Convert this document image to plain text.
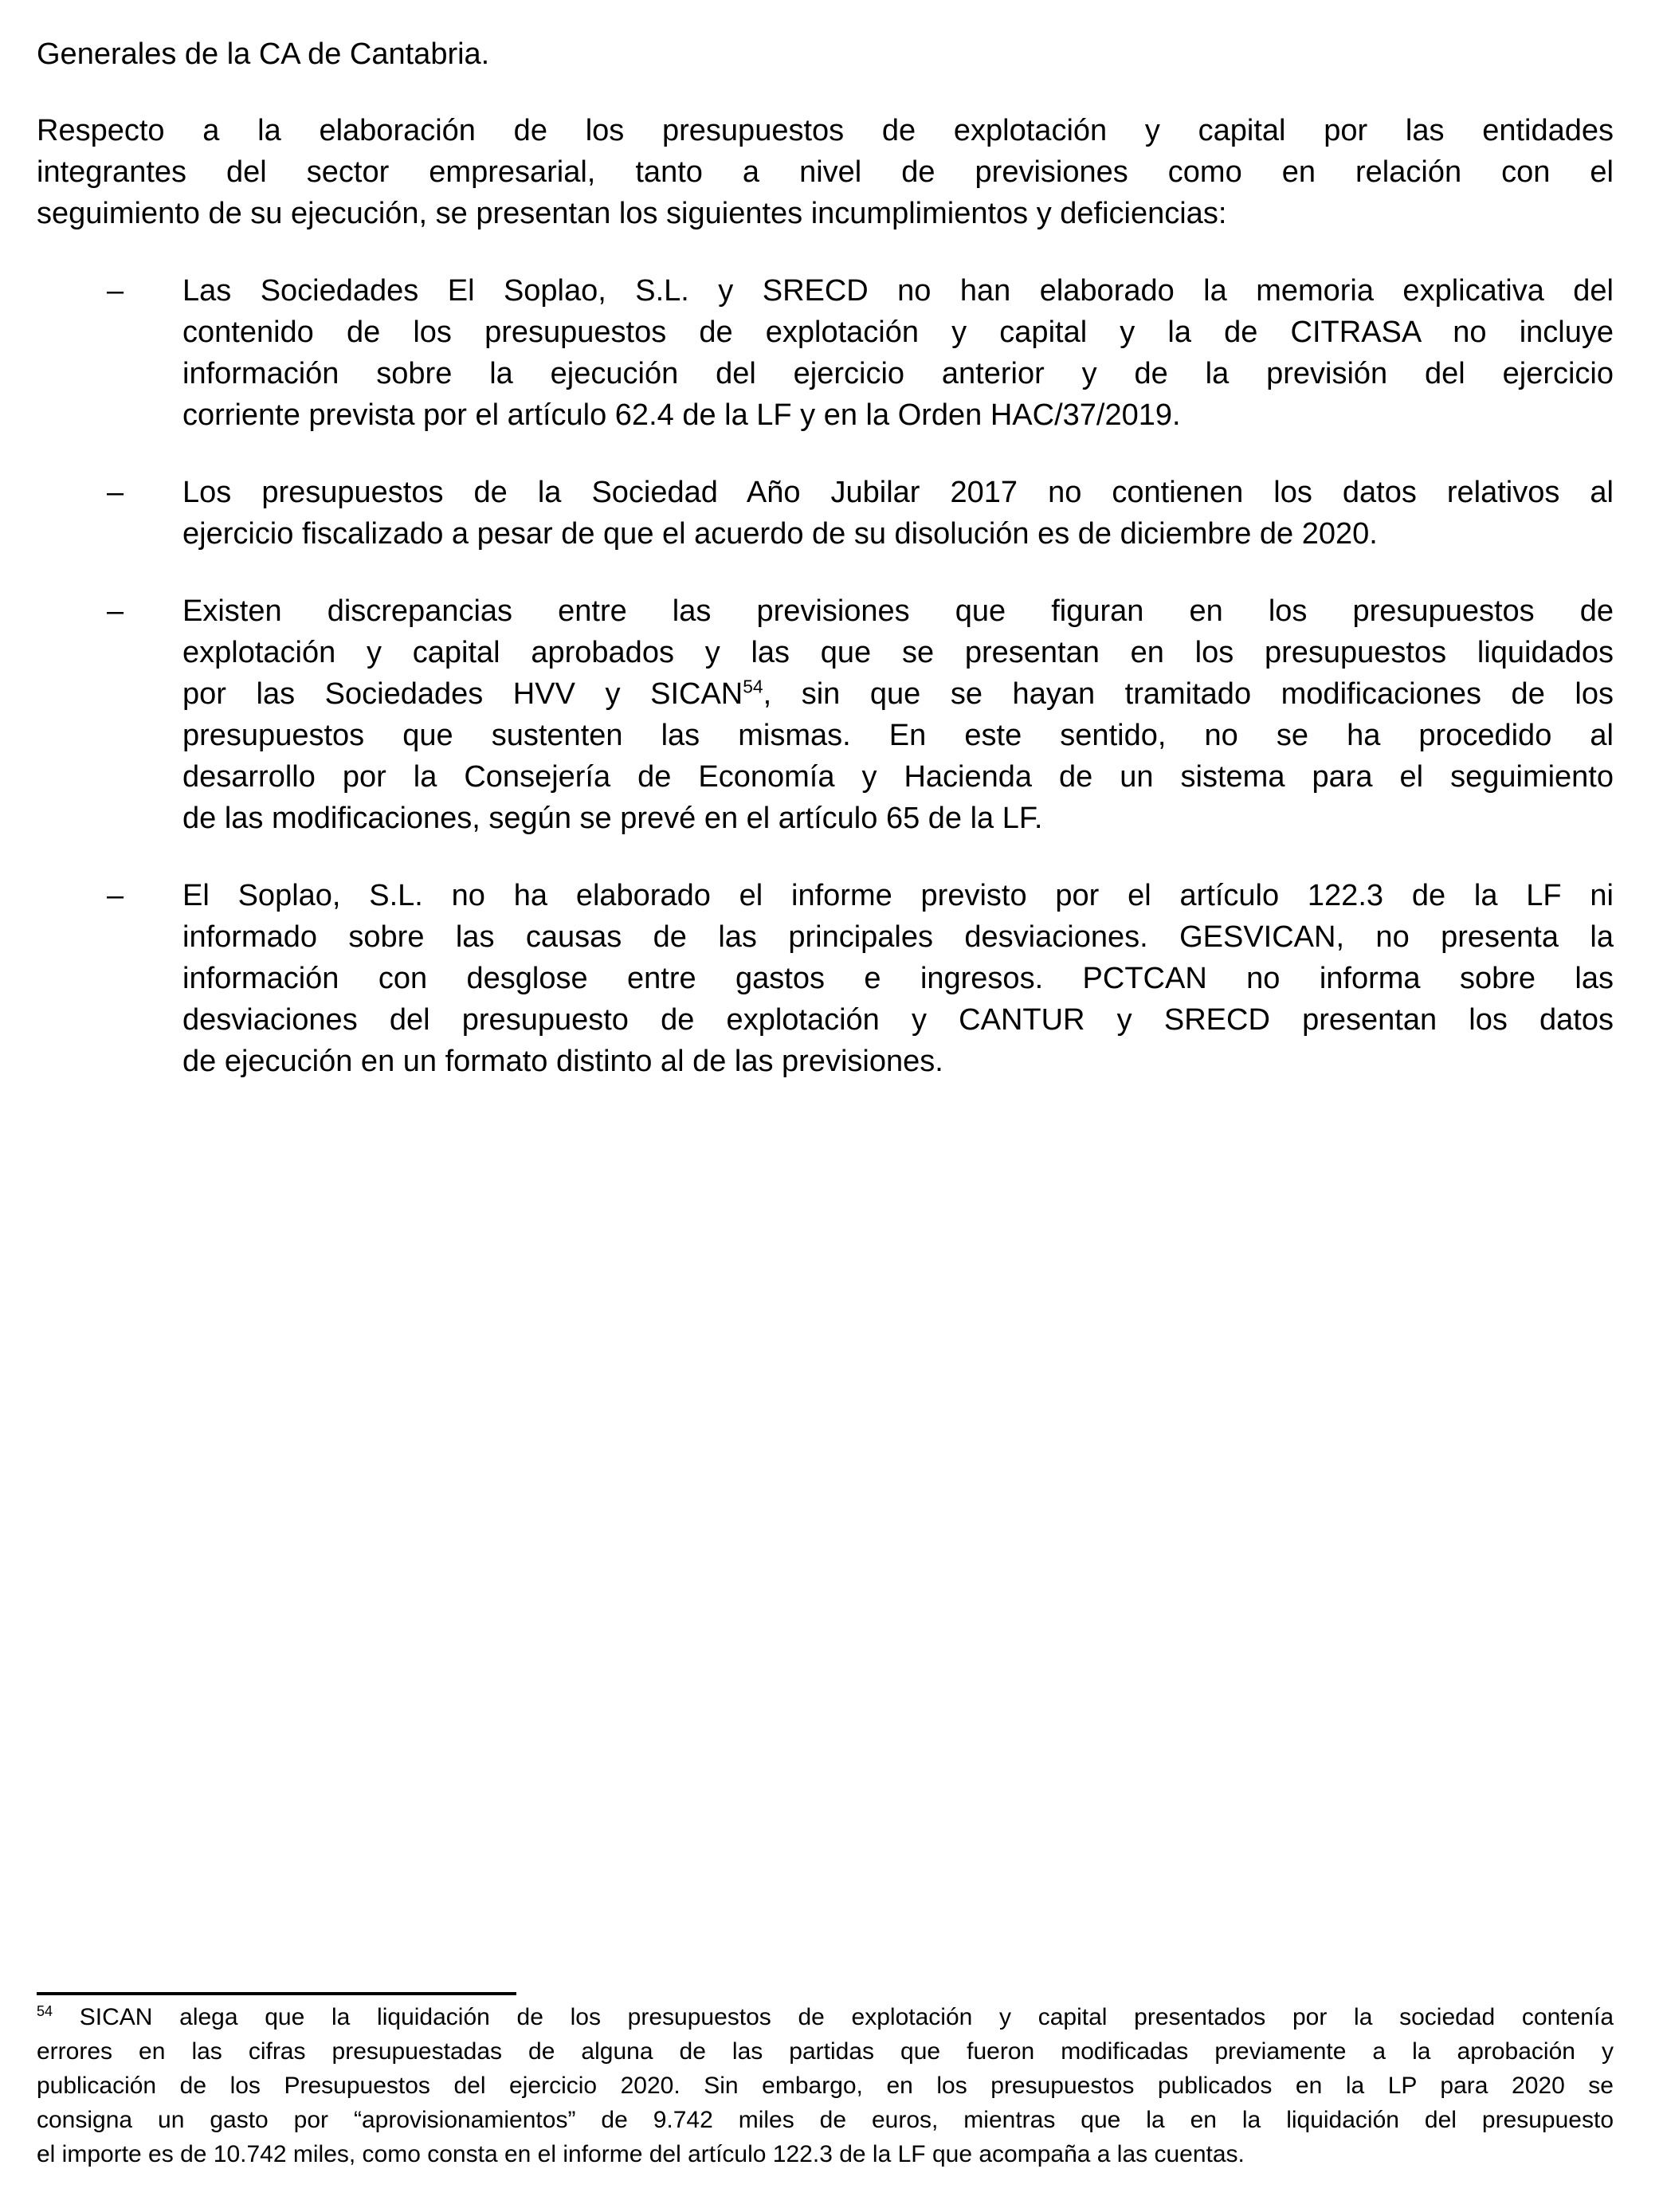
Generales de la CA de Cantabria.

Respecto a la elaboración de los presupuestos de explotación y capital por las entidades
integrantes del sector empresarial, tanto a nivel de previsiones como en relación con el
seguimiento de su ejecución, se presentan los siguientes incumplimientos y deficiencias:
–	Las Sociedades El Soplao, S.L. y SRECD no han elaborado la memoria explicativa del
contenido de los presupuestos de explotación y capital y la de CITRASA no incluye
información sobre la ejecución del ejercicio anterior y de la previsión del ejercicio
corriente prevista por el artículo 62.4 de la LF y en la Orden HAC/37/2019.
–	Los presupuestos de la Sociedad Año Jubilar 2017 no contienen los datos relativos al
ejercicio fiscalizado a pesar de que el acuerdo de su disolución es de diciembre de 2020.
–	Existen discrepancias entre las previsiones que figuran en los presupuestos de
explotación y capital aprobados y las que se presentan en los presupuestos liquidados
por las Sociedades HVV y SICAN$^{54}$, sin que se hayan tramitado modificaciones de los
presupuestos que sustenten las mismas. En este sentido, no se ha procedido al
desarrollo por la Consejería de Economía y Hacienda de un sistema para el seguimiento
de las modificaciones, según se prevé en el artículo 65 de la LF.
–	El Soplao, S.L. no ha elaborado el informe previsto por el artículo 122.3 de la LF ni
informado sobre las causas de las principales desviaciones. GESVICAN, no presenta la
información con desglose entre gastos e ingresos. PCTCAN no informa sobre las
desviaciones del presupuesto de explotación y CANTUR y SRECD presentan los datos
de ejecución en un formato distinto al de las previsiones.
$^{54}$ SICAN alega que la liquidación de los presupuestos de explotación y capital presentados por la sociedad contenía
errores en las cifras presupuestadas de alguna de las partidas que fueron modificadas previamente a la aprobación y
publicación de los Presupuestos del ejercicio 2020. Sin embargo, en los presupuestos publicados en la LP para 2020 se
consigna un gasto por “aprovisionamientos” de 9.742 miles de euros, mientras que la en la liquidación del presupuesto
el importe es de 10.742 miles, como consta en el informe del artículo 122.3 de la LF que acompaña a las cuentas.
